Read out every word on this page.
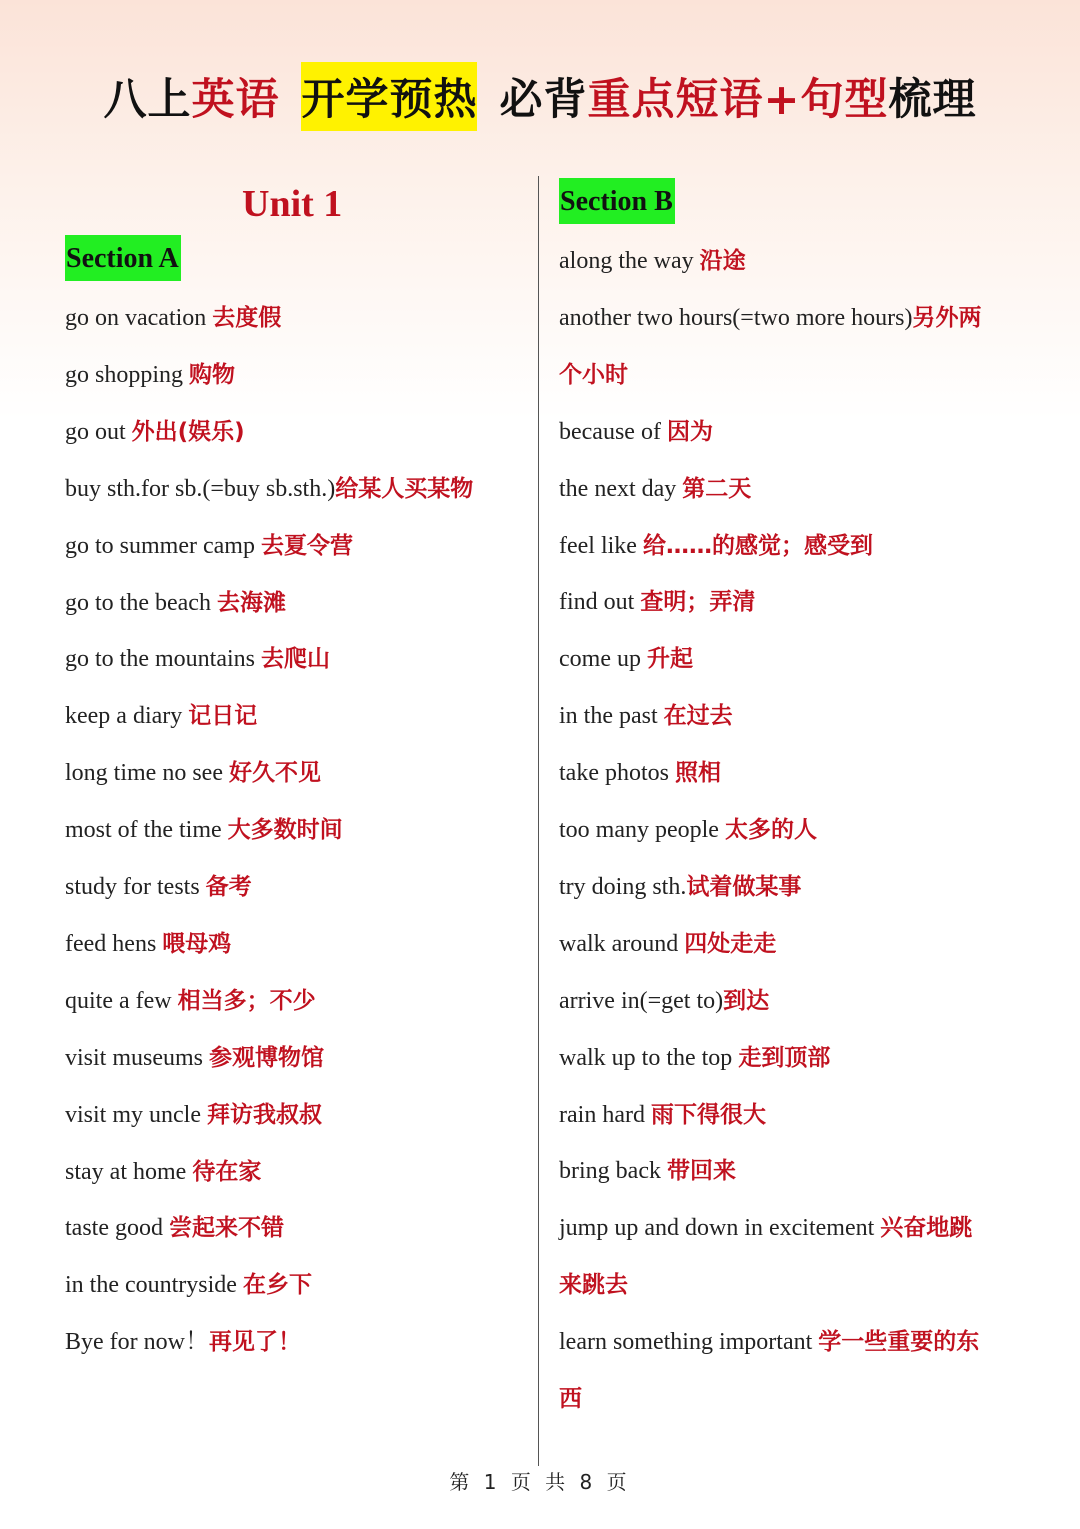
八上英语 开学预热 必背重点短语+句型梳理
Unit 1
Section A
Section B
go on vacation 去度假
go shopping 购物
go out 外出(娱乐)
buy sth.for sb.(=buy sb.sth.)给某人买某物
go to summer camp 去夏令营
go to the beach 去海滩
go to the mountains 去爬山
keep a diary 记日记
long time no see 好久不见
most of the time 大多数时间
study for tests 备考
feed hens 喂母鸡
quite a few 相当多；不少
visit museums 参观博物馆
visit my uncle 拜访我叔叔
stay at home 待在家
taste good 尝起来不错
in the countryside 在乡下
Bye for now！再见了！
along the way 沿途
another two hours(=two more hours)另外两
个小时
because of 因为
the next day 第二天
feel like 给……的感觉；感受到
find out 查明；弄清
come up 升起
in the past 在过去
take photos 照相
too many people 太多的人
try doing sth.试着做某事
walk around 四处走走
arrive in(=get to)到达
walk up to the top 走到顶部
rain hard 雨下得很大
bring back 带回来
jump up and down in excitement 兴奋地跳
来跳去
learn something important 学一些重要的东
西
第 1 页 共 8 页
